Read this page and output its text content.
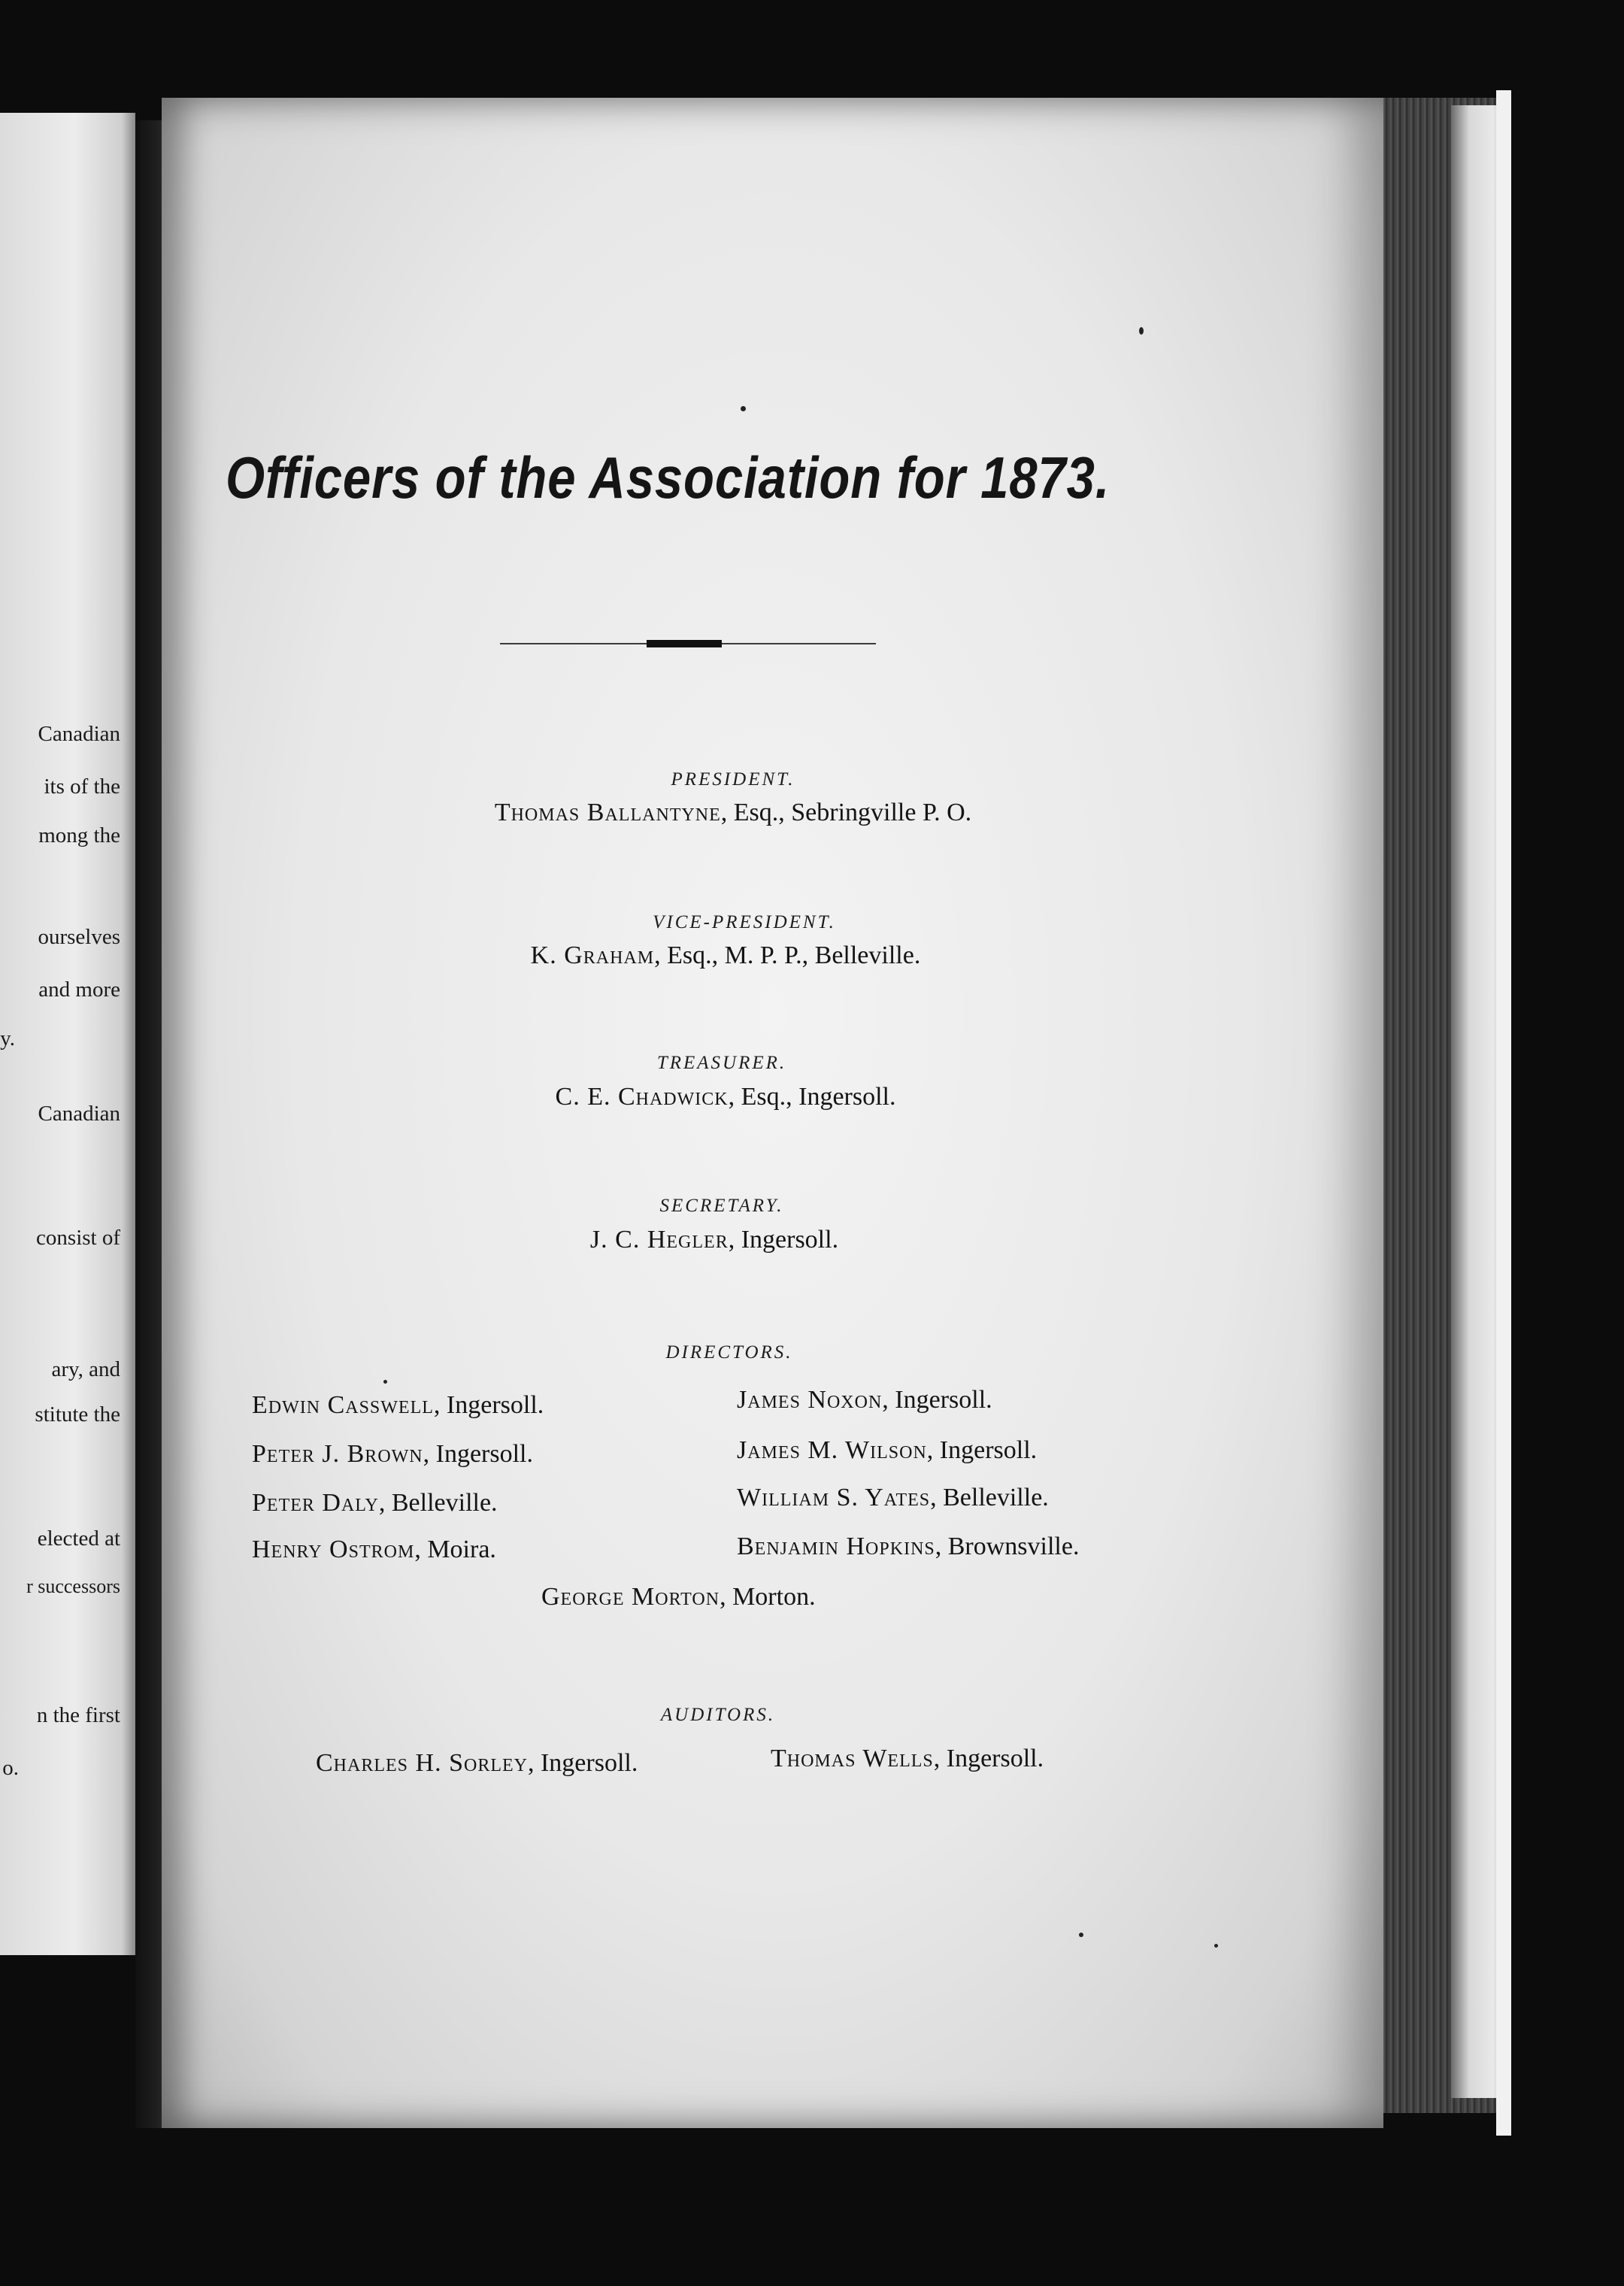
Canadian
its of the
mong the
ourselves
and more
y.
Canadian
consist of
ary, and
stitute the
elected at
r successors
n the first
o.
Officers of the Association for 1873.
PRESIDENT.
Thomas Ballantyne, Esq., Sebringville P. O.
VICE-PRESIDENT.
K. Graham, Esq., M. P. P., Belleville.
TREASURER.
C. E. Chadwick, Esq., Ingersoll.
SECRETARY.
J. C. Hegler, Ingersoll.
DIRECTORS.
Edwin Casswell, Ingersoll.	James Noxon, Ingersoll.
Peter J. Brown, Ingersoll.	James M. Wilson, Ingersoll.
Peter Daly, Belleville.	William S. Yates, Belleville.
Henry Ostrom, Moira.	Benjamin Hopkins, Brownsville.
George Morton, Morton.
AUDITORS.
Charles H. Sorley, Ingersoll.	Thomas Wells, Ingersoll.
